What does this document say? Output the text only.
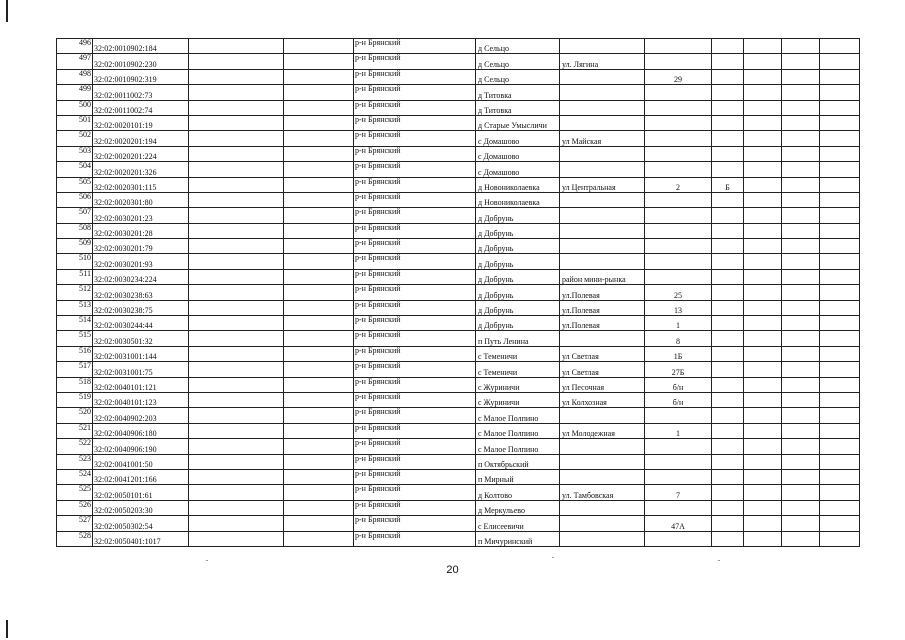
496	32:02:0010902:184			р-н Брянский	д Сельцо						
497	32:02:0010902:230			р-н Брянский	д Сельцо	ул. Лягина					
498	32:02:0010902:319			р-н Брянский	д Сельцо		29				
499	32:02:0011002:73			р-н Брянский	д Титовка						
500	32:02:0011002:74			р-н Брянский	д Титовка						
501	32:02:0020101:19			р-н Брянский	д Старые Умысличи						
502	32:02:0020201:194			р-н Брянский	с Домашово	ул Майская					
503	32:02:0020201:224			р-н Брянский	с Домашово						
504	32:02:0020201:326			р-н Брянский	с Домашово						
505	32:02:0020301:115			р-н Брянский	д Новониколаевка	ул Центральная	2	Б			
506	32:02:0020301:80			р-н Брянский	д Новониколаевка						
507	32:02:0030201:23			р-н Брянский	д Добрунь						
508	32:02:0030201:28			р-н Брянский	д Добрунь						
509	32:02:0030201:79			р-н Брянский	д Добрунь						
510	32:02:0030201:93			р-н Брянский	д Добрунь						
511	32:02:0030234:224			р-н Брянский	д Добрунь	район мини-рынка					
512	32:02:0030238:63			р-н Брянский	д Добрунь	ул.Полевая	25				
513	32:02:0030238:75			р-н Брянский	д Добрунь	ул.Полевая	13				
514	32:02:0030244:44			р-н Брянский	д Добрунь	ул.Полевая	1				
515	32:02:0030501:32			р-н Брянский	п Путь Ленина		8				
516	32:02:0031001:144			р-н Брянский	с Теменичи	ул Светлая	1Б				
517	32:02:0031001:75			р-н Брянский	с Теменичи	ул Светлая	27Б				
518	32:02:0040101:121			р-н Брянский	с Журиничи	ул Песочная	б/н				
519	32:02:0040101:123			р-н Брянский	с Журиничи	ул Колхозная	б/н				
520	32:02:0040902:203			р-н Брянский	с Малое Полпино						
521	32:02:0040906:180			р-н Брянский	с Малое Полпино	ул Молодежная	1				
522	32:02:0040906:190			р-н Брянский	с Малое Полпино						
523	32:02:0041001:50			р-н Брянский	п Октябрьский						
524	32:02:0041201:166			р-н Брянский	п Мирный						
525	32:02:0050101:61			р-н Брянский	д Колтово	ул. Тамбовская	7				
526	32:02:0050203:30			р-н Брянский	д Меркульево						
527	32:02:0050302:54			р-н Брянский	с Елисеевичи		47А				
528	32:02:0050401:1017			р-н Брянский	п Мичуринский						
20
